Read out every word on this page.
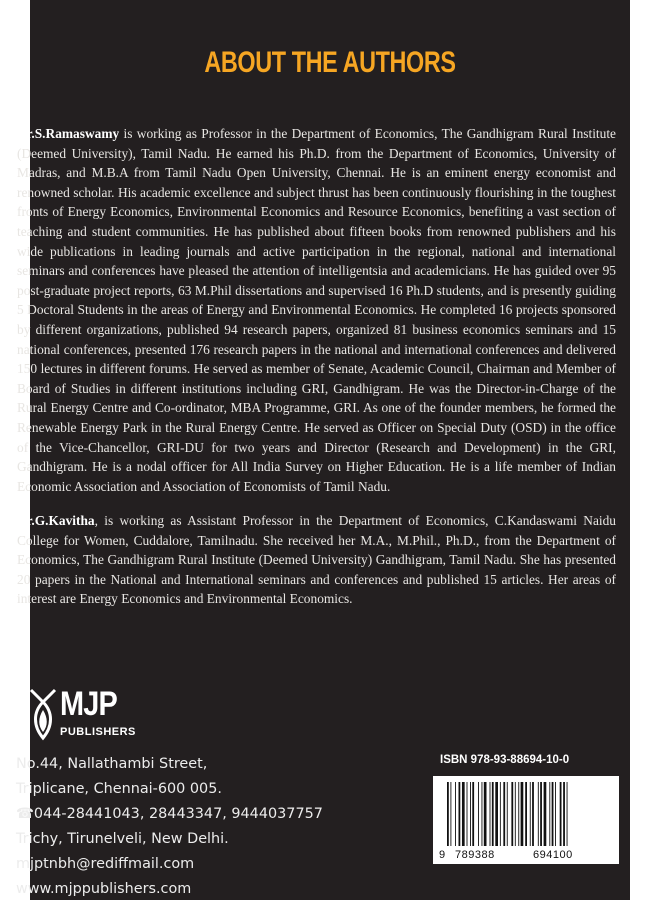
ABOUT THE AUTHORS

Dr.S.Ramaswamy is working as Professor in the Department of Economics, The Gandhigram Rural Institute (Deemed University), Tamil Nadu. He earned his Ph.D. from the Department of Economics, University of Madras, and M.B.A from Tamil Nadu Open University, Chennai. He is an eminent energy economist and renowned scholar. His academic excellence and subject thrust has been continuously flourishing in the toughest fronts of Energy Economics, Environmental Economics and Resource Economics, benefiting a vast section of teaching and student communities. He has published about fifteen books from renowned publishers and his wide publications in leading journals and active participation in the regional, national and international seminars and conferences have pleased the attention of intelligentsia and academicians. He has guided over 95 post-graduate project reports, 63 M.Phil dissertations and supervised 16 Ph.D students, and is presently guiding 5 Doctoral Students in the areas of Energy and Environmental Economics. He completed 16 projects sponsored by different organizations, published 94 research papers, organized 81 business economics seminars and 15 national conferences, presented 176 research papers in the national and international conferences and delivered 150 lectures in different forums. He served as member of Senate, Academic Council, Chairman and Member of Board of Studies in different institutions including GRI, Gandhigram. He was the Director-in-Charge of the Rural Energy Centre and Co-ordinator, MBA Programme, GRI. As one of the founder members, he formed the Renewable Energy Park in the Rural Energy Centre. He served as Officer on Special Duty (OSD) in the office of the Vice-Chancellor, GRI-DU for two years and Director (Research and Development) in the GRI, Gandhigram. He is a nodal officer for All India Survey on Higher Education. He is a life member of Indian Economic Association and Association of Economists of Tamil Nadu.

Dr.G.Kavitha, is working as Assistant Professor in the Department of Economics, C.Kandaswami Naidu College for Women, Cuddalore, Tamilnadu. She received her M.A., M.Phil., Ph.D., from the Department of Economics, The Gandhigram Rural Institute (Deemed University) Gandhigram, Tamil Nadu. She has presented 20 papers in the National and International seminars and conferences and published 15 articles. Her areas of interest are Energy Economics and Environmental Economics.

MJP
PUBLISHERS
No.44, Nallathambi Street,
Triplicane, Chennai-600 005.
☎044-28441043, 28443347, 9444037757
Trichy, Tirunelveli, New Delhi.
mjptnbh@rediffmail.com
www.mjppublishers.com
ISBN 978-93-88694-10-0
9 789388	694100
